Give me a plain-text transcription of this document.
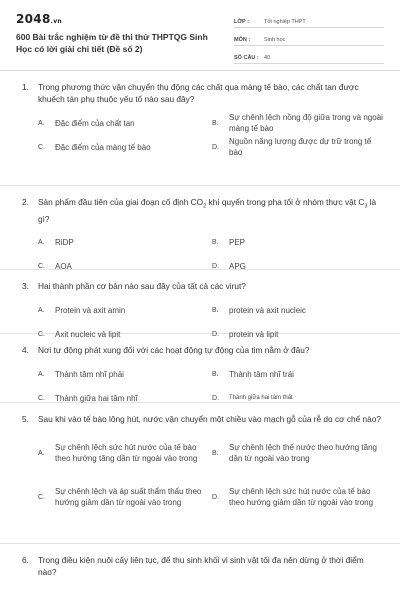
2048.vn
600 Bài trắc nghiệm từ đề thi thử THPTQG Sinh Học có lời giải chi tiết (Đề số 2)
LỚP :	Tốt nghiệp THPT
MÔN :	Sinh học
SỐ CÂU : 40
1.	Trong phương thức vận chuyển thụ động các chất qua màng tế bào, các chất tan được khuếch tán phụ thuộc yếu tố nào sau đây?
A.	Đặc điểm của chất tan	B.
Sự chênh lệch nồng độ giữa trong và ngoài màng tế bào
C.	Đặc điểm của màng tế bào	D.
Nguồn năng lượng được dự trữ trong tế bào
2.	Sản phẩm đầu tiên của giai đoạn cố định $CO_2$ khí quyển trong pha tối ở nhóm thực vật $C_3$ là gì?
A.	RiDP	B.	PEP
C.	AOA	D.	APG
3.	Hai thành phần cơ bản nào sau đây của tất cả các virut?
A.	Protein và axit amin	B.	protein và axit nucleic
C.	Axit nucleic và lipit	D.	protein và lipit
4.	Nơi tự động phát xung đối với các hoạt động tự động của tim nằm ở đâu?
A.	Thành tâm nhĩ phải	B.	Thành tâm nhĩ trái
C.	Thành giữa hai tâm nhĩ	D.	Thành giữa hai tâm thất
5.	Sau khi vào tế bào lông hút, nước vận chuyển một chiều vào mạch gỗ của rễ do cơ chế nào?
A.
Sự chênh lệch sức hút nước của tế bào theo hướng tăng dần từ ngoài vào trong
B.
Sự chênh lệch thế nước theo hướng tăng dần từ ngoài vào trong
C.
Sự chênh lệch và áp suất thẩm thấu theo hướng giảm dần từ ngoài vào trong
D.
Sự chênh lệch sức hút nước của tế bào theo hướng giảm dần từ ngoài vào trong
6.	Trong điều kiện nuôi cấy liên tục, để thu sinh khối vi sinh vật tối đa nên dừng ở thời điểm nào?
